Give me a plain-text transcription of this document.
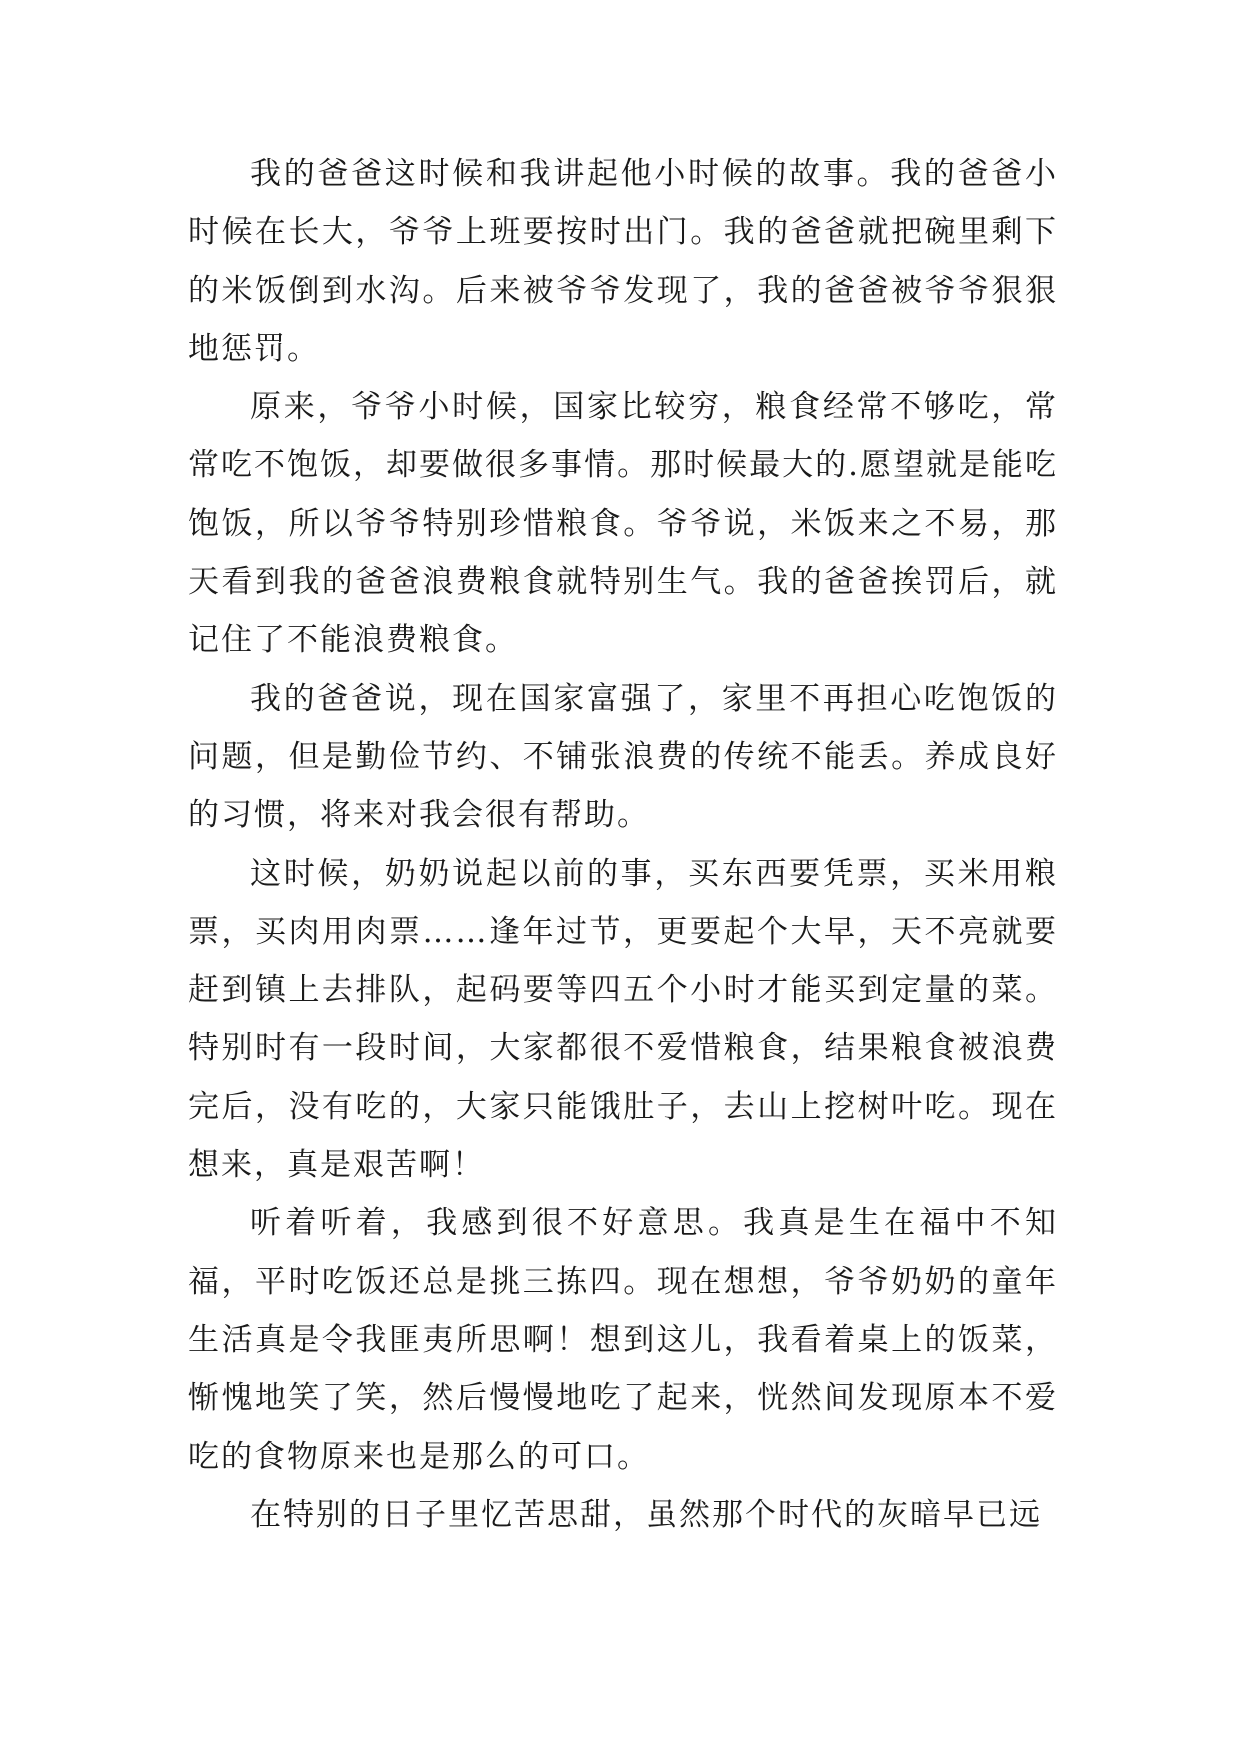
我的爸爸这时候和我讲起他小时候的故事。我的爸爸小时候在长大，爷爷上班要按时出门。我的爸爸就把碗里剩下的米饭倒到水沟。后来被爷爷发现了，我的爸爸被爷爷狠狠地惩罚。

原来，爷爷小时候，国家比较穷，粮食经常不够吃，常常吃不饱饭，却要做很多事情。那时候最大的.愿望就是能吃饱饭，所以爷爷特别珍惜粮食。爷爷说，米饭来之不易，那天看到我的爸爸浪费粮食就特别生气。我的爸爸挨罚后，就记住了不能浪费粮食。

我的爸爸说，现在国家富强了，家里不再担心吃饱饭的问题，但是勤俭节约、不铺张浪费的传统不能丢。养成良好的习惯，将来对我会很有帮助。

这时候，奶奶说起以前的事，买东西要凭票，买米用粮票，买肉用肉票……逢年过节，更要起个大早，天不亮就要赶到镇上去排队，起码要等四五个小时才能买到定量的菜。特别时有一段时间，大家都很不爱惜粮食，结果粮食被浪费完后，没有吃的，大家只能饿肚子，去山上挖树叶吃。现在想来，真是艰苦啊！

听着听着，我感到很不好意思。我真是生在福中不知福，平时吃饭还总是挑三拣四。现在想想，爷爷奶奶的童年生活真是令我匪夷所思啊！想到这儿，我看着桌上的饭菜，惭愧地笑了笑，然后慢慢地吃了起来，恍然间发现原本不爱吃的食物原来也是那么的可口。

在特别的日子里忆苦思甜，虽然那个时代的灰暗早已远
